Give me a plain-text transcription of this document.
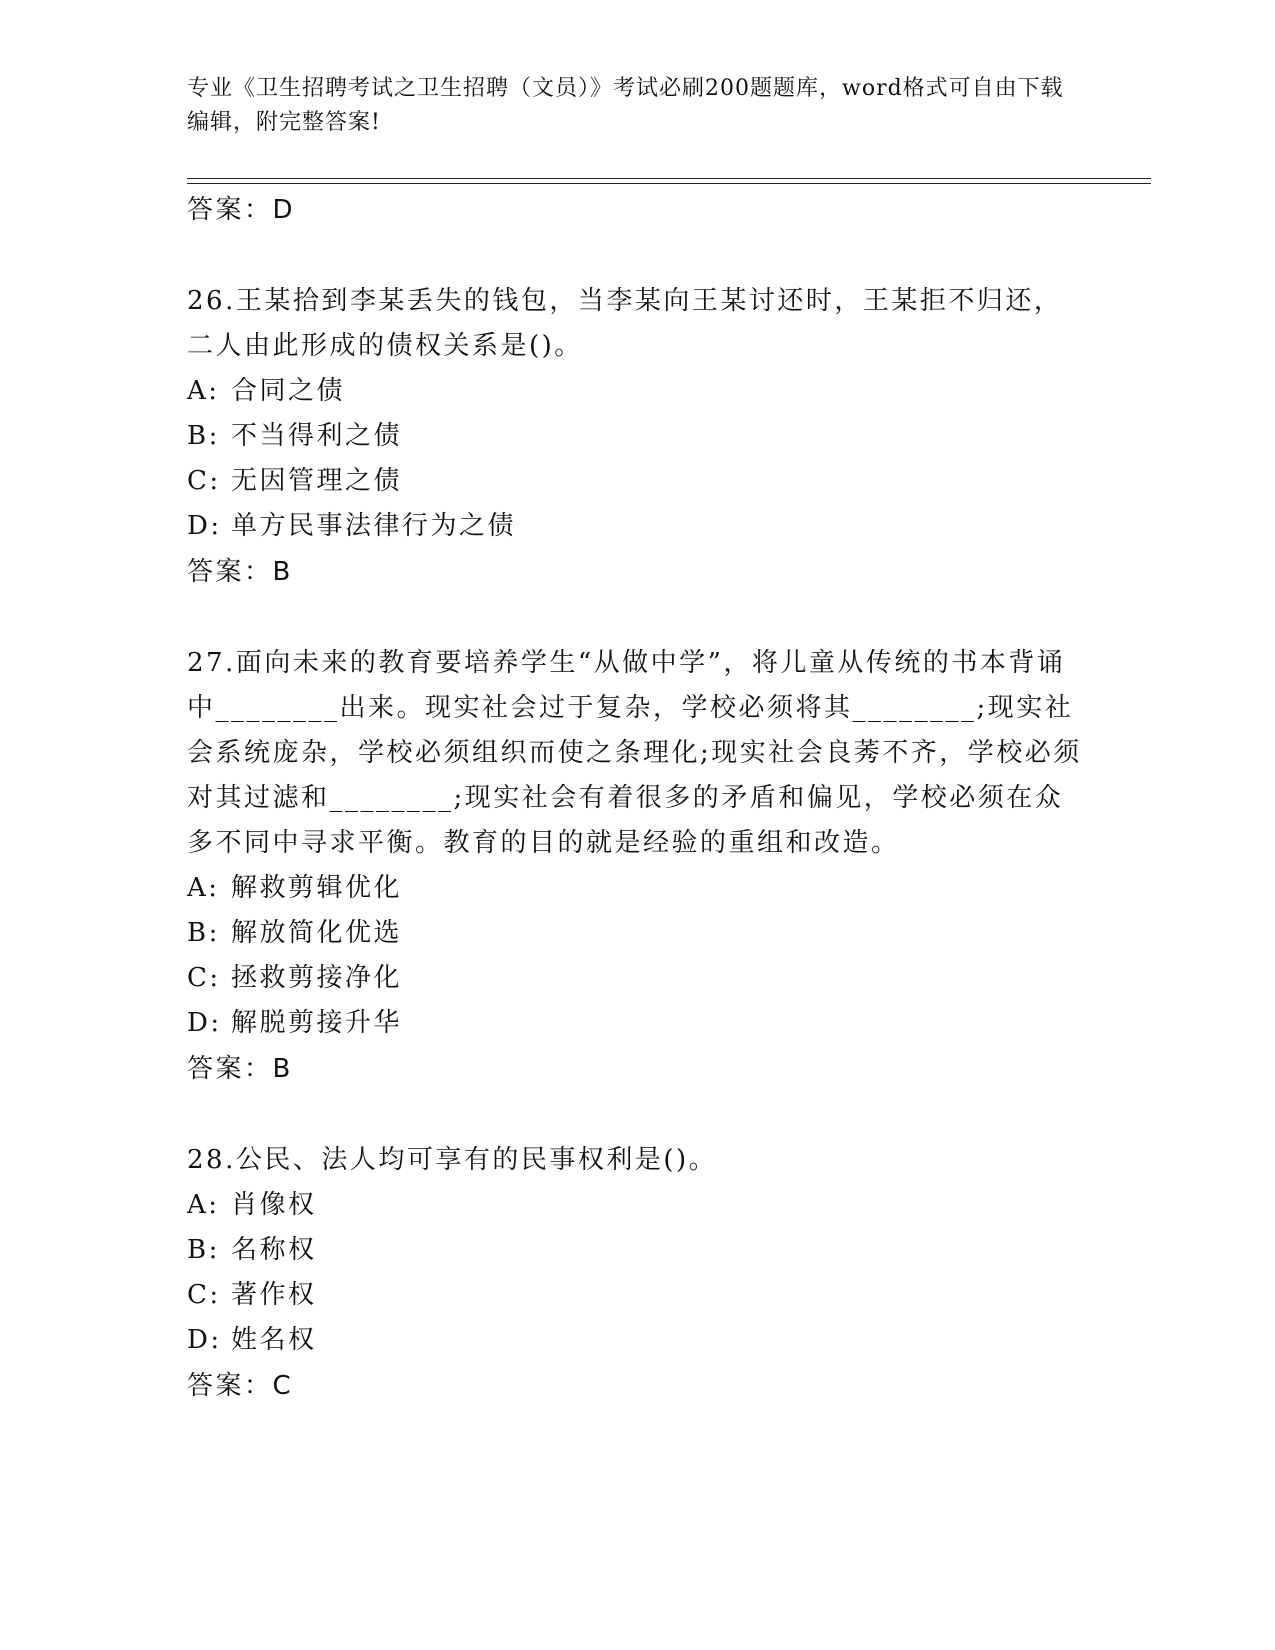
专业《卫生招聘考试之卫生招聘（文员）》考试必刷200题题库，word格式可自由下载编辑，附完整答案!
答案：D
26.王某拾到李某丢失的钱包，当李某向王某讨还时，王某拒不归还，二人由此形成的债权关系是()。
A: 合同之债
B: 不当得利之债
C: 无因管理之债
D: 单方民事法律行为之债
答案：B
27.面向未来的教育要培养学生“从做中学”，将儿童从传统的书本背诵中________出来。现实社会过于复杂，学校必须将其________;现实社会系统庞杂，学校必须组织而使之条理化;现实社会良莠不齐，学校必须对其过滤和________;现实社会有着很多的矛盾和偏见，学校必须在众多不同中寻求平衡。教育的目的就是经验的重组和改造。
A: 解救剪辑优化
B: 解放简化优选
C: 拯救剪接净化
D: 解脱剪接升华
答案：B
28.公民、法人均可享有的民事权利是()。
A: 肖像权
B: 名称权
C: 著作权
D: 姓名权
答案：C
